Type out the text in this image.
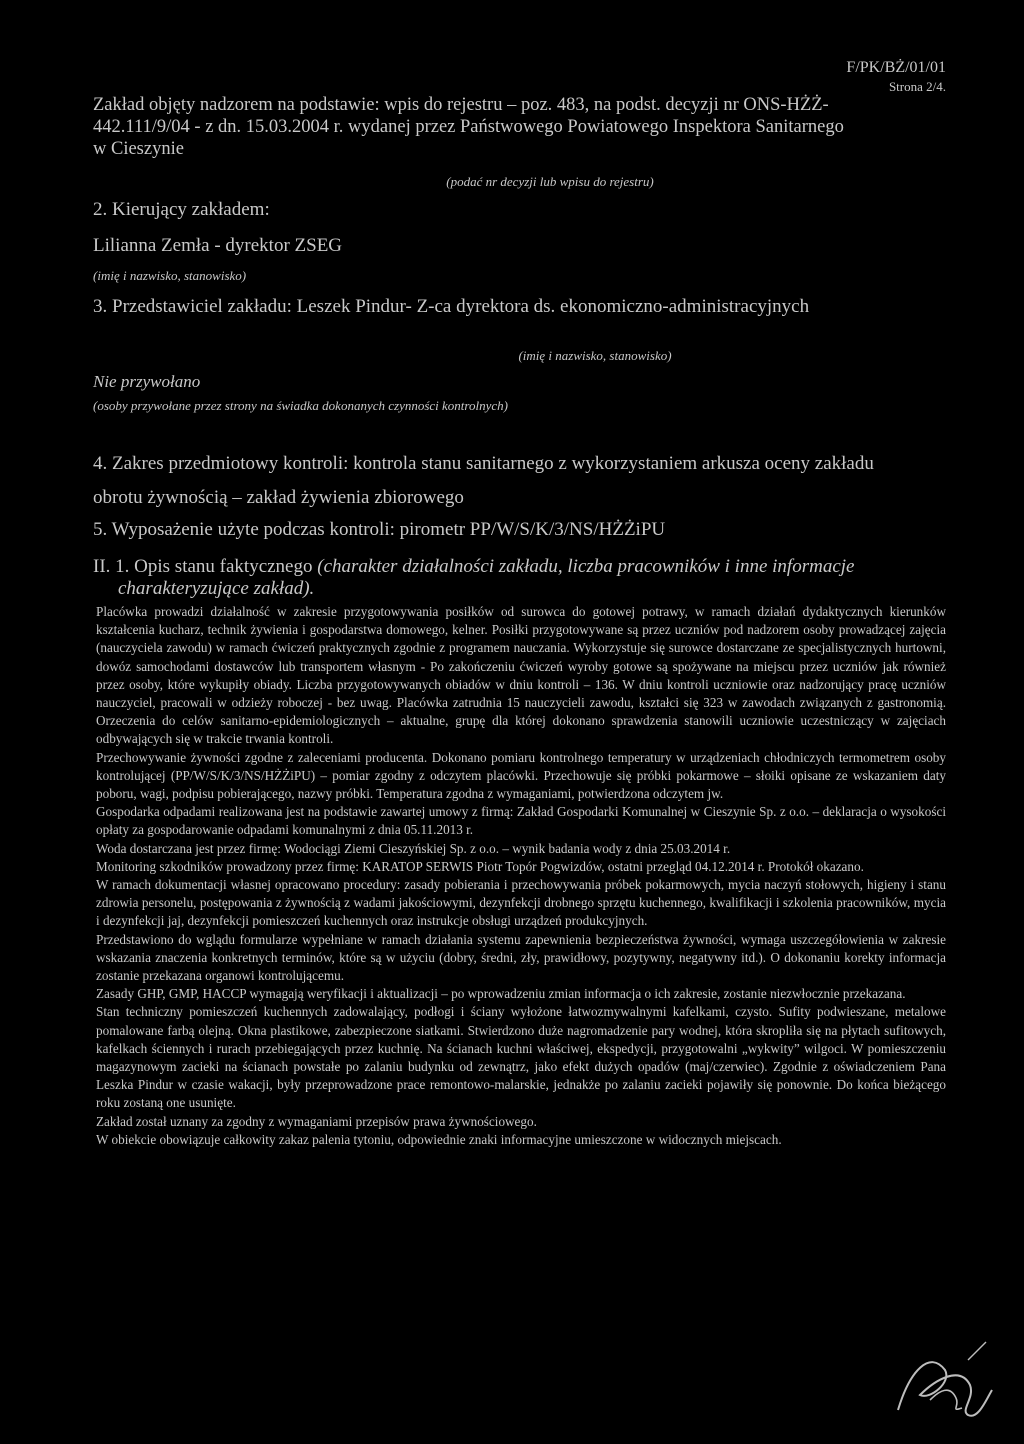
F/PK/BŻ/01/01
Strona 2/4.
Zakład objęty nadzorem na podstawie: wpis do rejestru – poz. 483, na podst. decyzji nr ONS-HŻŻ-
442.111/9/04 - z dn. 15.03.2004 r. wydanej przez Państwowego Powiatowego Inspektora Sanitarnego
w Cieszynie
(podać nr decyzji lub wpisu do rejestru)
2. Kierujący zakładem:
Lilianna Zemła - dyrektor ZSEG
(imię i nazwisko, stanowisko)
3. Przedstawiciel zakładu: Leszek Pindur- Z-ca dyrektora ds. ekonomiczno-administracyjnych
(imię i nazwisko, stanowisko)
Nie przywołano
(osoby przywołane przez strony na świadka dokonanych czynności kontrolnych)
4. Zakres przedmiotowy kontroli: kontrola stanu sanitarnego z wykorzystaniem arkusza oceny zakładu
obrotu żywnością – zakład żywienia zbiorowego
5. Wyposażenie użyte podczas kontroli: pirometr PP/W/S/K/3/NS/HŻŻiPU
II. 1. Opis stanu faktycznego (charakter działalności zakładu, liczba pracowników i inne informacje
charakteryzujące zakład).

Placówka prowadzi działalność w zakresie przygotowywania posiłków od surowca do gotowej potrawy, w ramach działań dydaktycznych kierunków kształcenia kucharz, technik żywienia i gospodarstwa domowego, kelner. Posiłki przygotowywane są przez uczniów pod nadzorem osoby prowadzącej zajęcia (nauczyciela zawodu) w ramach ćwiczeń praktycznych zgodnie z programem nauczania. Wykorzystuje się surowce dostarczane ze specjalistycznych hurtowni, dowóz samochodami dostawców lub transportem własnym - Po zakończeniu ćwiczeń wyroby gotowe są spożywane na miejscu przez uczniów jak również przez osoby, które wykupiły obiady. Liczba przygotowywanych obiadów w dniu kontroli – 136. W dniu kontroli uczniowie oraz nadzorujący pracę uczniów nauczyciel, pracowali w odzieży roboczej - bez uwag. Placówka zatrudnia 15 nauczycieli zawodu, kształci się 323 w zawodach związanych z gastronomią. Orzeczenia do celów sanitarno-epidemiologicznych – aktualne, grupę dla której dokonano sprawdzenia stanowili uczniowie uczestniczący w zajęciach odbywających się w trakcie trwania kontroli.

Przechowywanie żywności zgodne z zaleceniami producenta. Dokonano pomiaru kontrolnego temperatury w urządzeniach chłodniczych termometrem osoby kontrolującej (PP/W/S/K/3/NS/HŻŻiPU) – pomiar zgodny z odczytem placówki. Przechowuje się próbki pokarmowe – słoiki opisane ze wskazaniem daty poboru, wagi, podpisu pobierającego, nazwy próbki. Temperatura zgodna z wymaganiami, potwierdzona odczytem jw.

Gospodarka odpadami realizowana jest na podstawie zawartej umowy z firmą: Zakład Gospodarki Komunalnej w Cieszynie Sp. z o.o. – deklaracja o wysokości opłaty za gospodarowanie odpadami komunalnymi z dnia 05.11.2013 r.

Woda dostarczana jest przez firmę: Wodociągi Ziemi Cieszyńskiej Sp. z o.o. – wynik badania wody z dnia 25.03.2014 r.

Monitoring szkodników prowadzony przez firmę: KARATOP SERWIS Piotr Topór Pogwizdów, ostatni przegląd 04.12.2014 r. Protokół okazano.

W ramach dokumentacji własnej opracowano procedury: zasady pobierania i przechowywania próbek pokarmowych, mycia naczyń stołowych, higieny i stanu zdrowia personelu, postępowania z żywnością z wadami jakościowymi, dezynfekcji drobnego sprzętu kuchennego, kwalifikacji i szkolenia pracowników, mycia i dezynfekcji jaj, dezynfekcji pomieszczeń kuchennych oraz instrukcje obsługi urządzeń produkcyjnych.

Przedstawiono do wglądu formularze wypełniane w ramach działania systemu zapewnienia bezpieczeństwa żywności, wymaga uszczegółowienia w zakresie wskazania znaczenia konkretnych terminów, które są w użyciu (dobry, średni, zły, prawidłowy, pozytywny, negatywny itd.). O dokonaniu korekty informacja zostanie przekazana organowi kontrolującemu.

Zasady GHP, GMP, HACCP wymagają weryfikacji i aktualizacji – po wprowadzeniu zmian informacja o ich zakresie, zostanie niezwłocznie przekazana.

Stan techniczny pomieszczeń kuchennych zadowalający, podłogi i ściany wyłożone łatwozmywalnymi kafelkami, czysto. Sufity podwieszane, metalowe pomalowane farbą olejną. Okna plastikowe, zabezpieczone siatkami. Stwierdzono duże nagromadzenie pary wodnej, która skropliła się na płytach sufitowych, kafelkach ściennych i rurach przebiegających przez kuchnię. Na ścianach kuchni właściwej, ekspedycji, przygotowalni „wykwity” wilgoci. W pomieszczeniu magazynowym zacieki na ścianach powstałe po zalaniu budynku od zewnątrz, jako efekt dużych opadów (maj/czerwiec). Zgodnie z oświadczeniem Pana Leszka Pindur w czasie wakacji, były przeprowadzone prace remontowo-malarskie, jednakże po zalaniu zacieki pojawiły się ponownie. Do końca bieżącego roku zostaną one usunięte.

Zakład został uznany za zgodny z wymaganiami przepisów prawa żywnościowego.

W obiekcie obowiązuje całkowity zakaz palenia tytoniu, odpowiednie znaki informacyjne umieszczone w widocznych miejscach.
